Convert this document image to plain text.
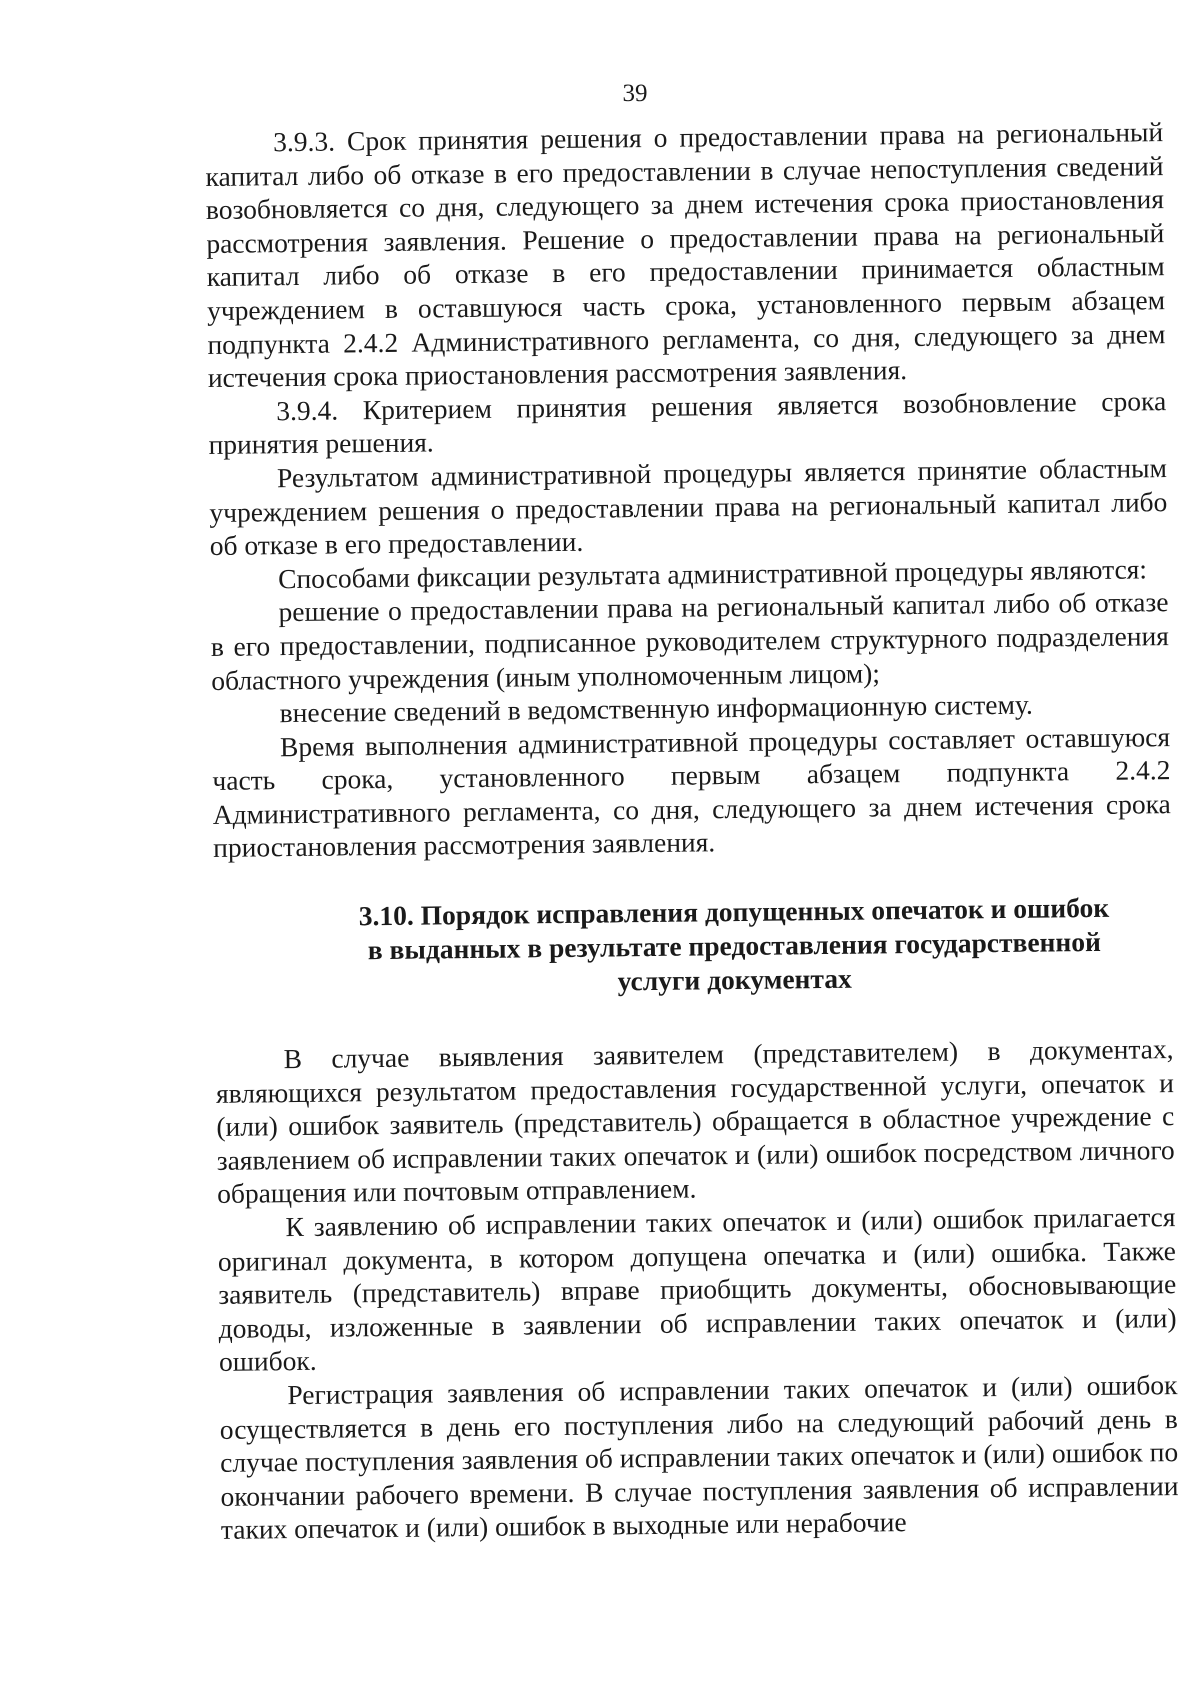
39

3.9.3. Срок принятия решения о предоставлении права на региональный капитал либо об отказе в его предоставлении в случае непоступления сведений возобновляется со дня, следующего за днем истечения срока приостановления рассмотрения заявления. Решение о предоставлении права на региональный капитал либо об отказе в его предоставлении принимается областным учреждением в оставшуюся часть срока, установленного первым абзацем подпункта 2.4.2 Административного регламента, со дня, следующего за днем истечения срока приостановления рассмотрения заявления.

3.9.4. Критерием принятия решения является возобновление срока принятия решения.

Результатом административной процедуры является принятие областным учреждением решения о предоставлении права на региональный капитал либо об отказе в его предоставлении.

Способами фиксации результата административной процедуры являются:

решение о предоставлении права на региональный капитал либо об отказе в его предоставлении, подписанное руководителем структурного подразделения областного учреждения (иным уполномоченным лицом);

внесение сведений в ведомственную информационную систему.

Время выполнения административной процедуры составляет оставшуюся часть срока, установленного первым абзацем подпункта 2.4.2 Административного регламента, со дня, следующего за днем истечения срока приостановления рассмотрения заявления.

3.10. Порядок исправления допущенных опечаток и ошибок
в выданных в результате предоставления государственной
услуги документах

В случае выявления заявителем (представителем) в документах, являющихся результатом предоставления государственной услуги, опечаток и (или) ошибок заявитель (представитель) обращается в областное учреждение с заявлением об исправлении таких опечаток и (или) ошибок посредством личного обращения или почтовым отправлением.

К заявлению об исправлении таких опечаток и (или) ошибок прилагается оригинал документа, в котором допущена опечатка и (или) ошибка. Также заявитель (представитель) вправе приобщить документы, обосновывающие доводы, изложенные в заявлении об исправлении таких опечаток и (или) ошибок.

Регистрация заявления об исправлении таких опечаток и (или) ошибок осуществляется в день его поступления либо на следующий рабочий день в случае поступления заявления об исправлении таких опечаток и (или) ошибок по окончании рабочего времени. В случае поступления заявления об исправлении таких опечаток и (или) ошибок в выходные или нерабочие
